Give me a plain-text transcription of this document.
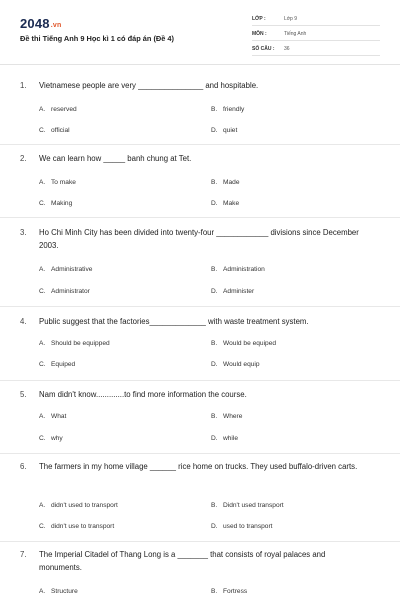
2048.vn
Đề thi Tiếng Anh 9 Học kì 1 có đáp án (Đề 4)
LỚP :	Lớp 9
MÔN :	Tiếng Anh
SỐ CÂU : 36
1. Vietnamese people are very _______________ and hospitable.
A. reserved	B. friendly
C. official	D. quiet
2. We can learn how _____ banh chung at Tet.
A. To make	B. Made
C. Making	D. Make
3. Ho Chi Minh City has been divided into twenty-four ____________ divisions since December 2003.
A. Administrative	B. Administration
C. Administrator	D. Administer
4. Public suggest that the factories_____________ with waste treatment system.
A. Should be equipped	B. Would be equiped
C. Equiped	D. Would equip
5. Nam didn't know.............to find more information the course.
A. What	B. Where
C. why	D. while
6. The farmers in my home village ______ rice home on trucks. They used buffalo-driven carts.
A. didn't used to transport	B. Didn't used transport
C. didn't use to transport	D. used to transport
7. The Imperial Citadel of Thang Long is a _______ that consists of royal palaces and monuments.
A. Structure	B. Fortress
